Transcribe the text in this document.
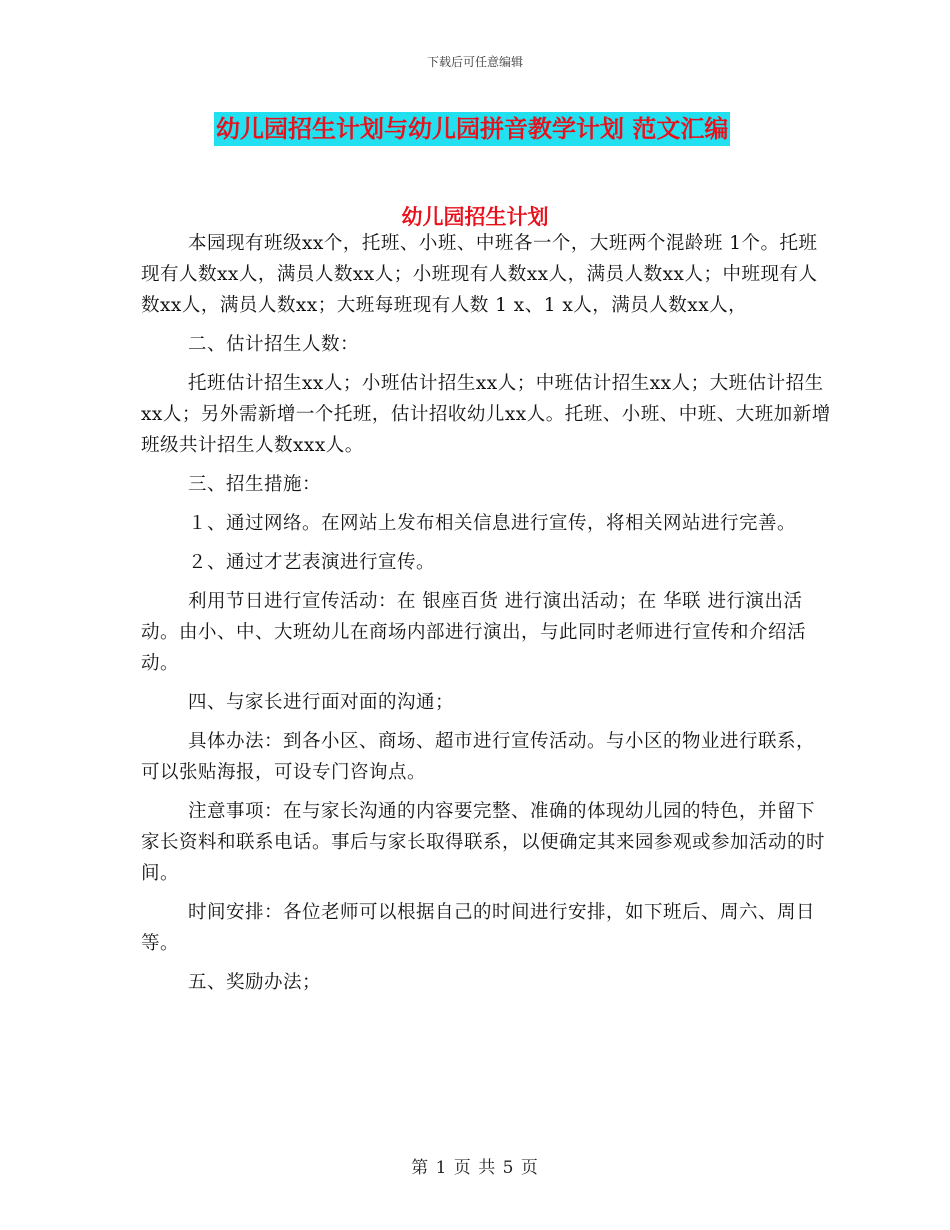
下载后可任意编辑
幼儿园招生计划与幼儿园拼音教学计划 范文汇编
幼儿园招生计划

本园现有班级xx个，托班、小班、中班各一个，大班两个混龄班 1个。托班现有人数xx人，满员人数xx人；小班现有人数xx人，满员人数xx人；中班现有人数xx人，满员人数xx；大班每班现有人数 1 x、1 x人，满员人数xx人，

二、估计招生人数：

托班估计招生xx人；小班估计招生xx人；中班估计招生xx人；大班估计招生xx人；另外需新增一个托班，估计招收幼儿xx人。托班、小班、中班、大班加新增班级共计招生人数xxx人。

三、招生措施：

１、通过网络。在网站上发布相关信息进行宣传，将相关网站进行完善。

２、通过才艺表演进行宣传。

利用节日进行宣传活动：在 银座百货 进行演出活动；在 华联 进行演出活动。由小、中、大班幼儿在商场内部进行演出，与此同时老师进行宣传和介绍活动。

四、与家长进行面对面的沟通；

具体办法：到各小区、商场、超市进行宣传活动。与小区的物业进行联系，可以张贴海报，可设专门咨询点。

注意事项：在与家长沟通的内容要完整、准确的体现幼儿园的特色，并留下家长资料和联系电话。事后与家长取得联系，以便确定其来园参观或参加活动的时间。

时间安排：各位老师可以根据自己的时间进行安排，如下班后、周六、周日等。

五、奖励办法；

第 1 页 共 5 页
